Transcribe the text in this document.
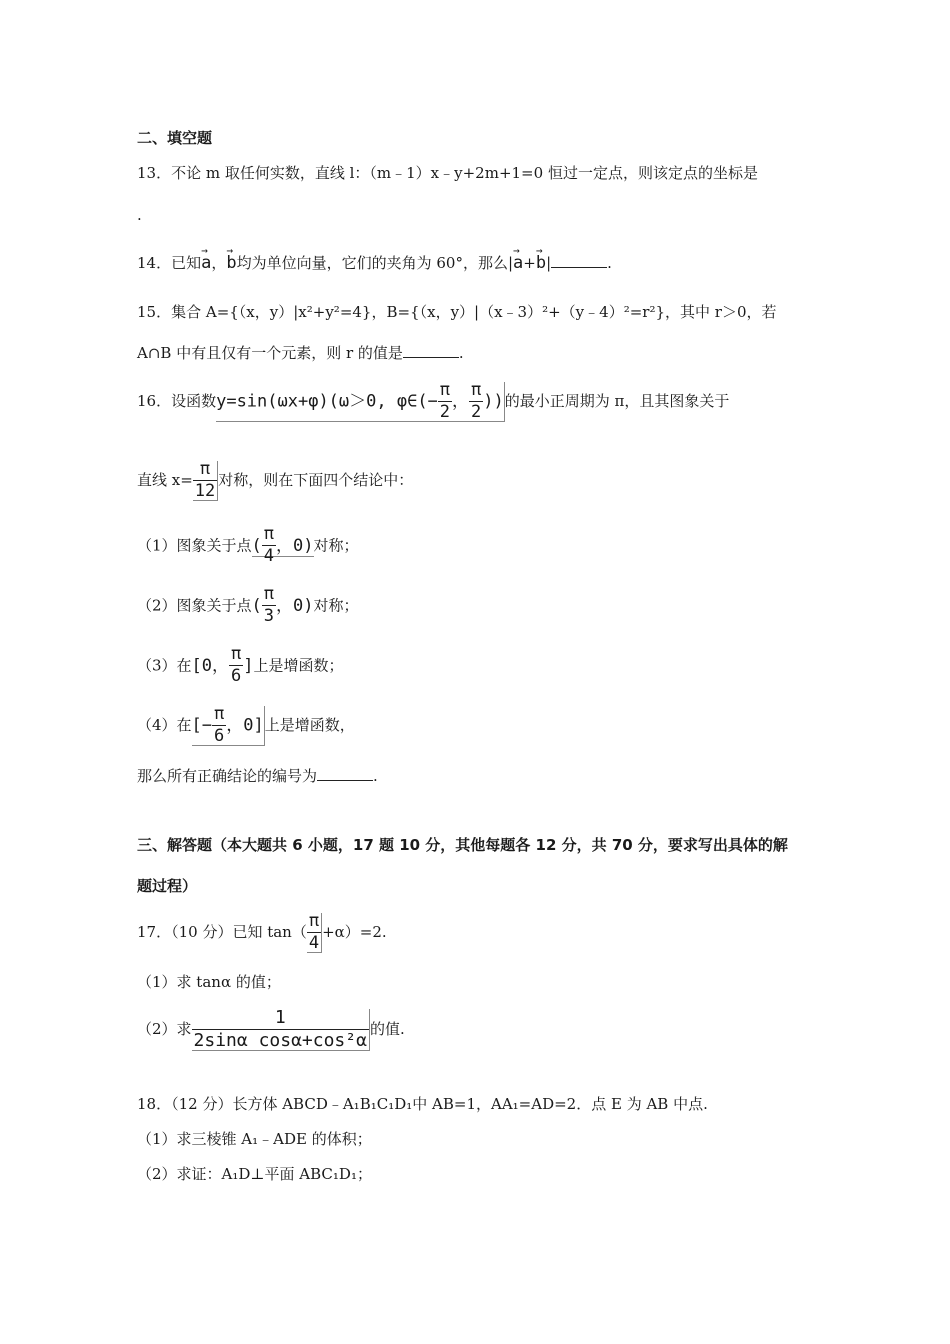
二、填空题
13．不论 m 取任何实数，直线 l：（m﹣1）x﹣y+2m+1=0 恒过一定点，则该定点的坐标是
.
14．已知→ a，→ b均为单位向量，它们的夹角为 60°，那么|→ a+→ b|	.
15．集合 A={（x，y）|x²+y²=4}，B={（x，y）|（x﹣3）²+（y﹣4）²=r²}，其中 r＞0，若
A∩B 中有且仅有一个元素，则 r 的值是	.
16．设函数y=sin(ωx+φ)(ω＞0, φ∈(− $\frac{\pi}{2}$ ， $\frac{\pi}{2}$ ))的最小正周期为 π，且其图象关于
直线 $x= \frac{\pi}{12}$ 对称，则在下面四个结论中：
（1）图象关于点( $\frac{\pi}{4}$ ，0)对称；
（2）图象关于点( $\frac{\pi}{3}$ ，0)对称；
（3）在[0， $\frac{\pi}{6}$ ]上是增函数；
（4）在[− $\frac{\pi}{6}$ ，0]上是增函数，
那么所有正确结论的编号为	.
三、解答题（本大题共 6 小题，17 题 10 分，其他每题各 12 分，共 70 分，要求写出具体的解
题过程）
17．（10 分）已知 $\tan( \frac{\pi}{4} +\alpha)=2$.
（1）求 tanα 的值；
（2）求 $\frac{1}{\text{2sinα cosα+cos²α}}$ 的值.
18．（12 分）长方体 ABCD﹣A₁B₁C₁D₁中 AB=1，AA₁=AD=2．点 E 为 AB 中点.
（1）求三棱锥 A₁﹣ADE 的体积；
（2）求证：A₁D⊥平面 ABC₁D₁；
